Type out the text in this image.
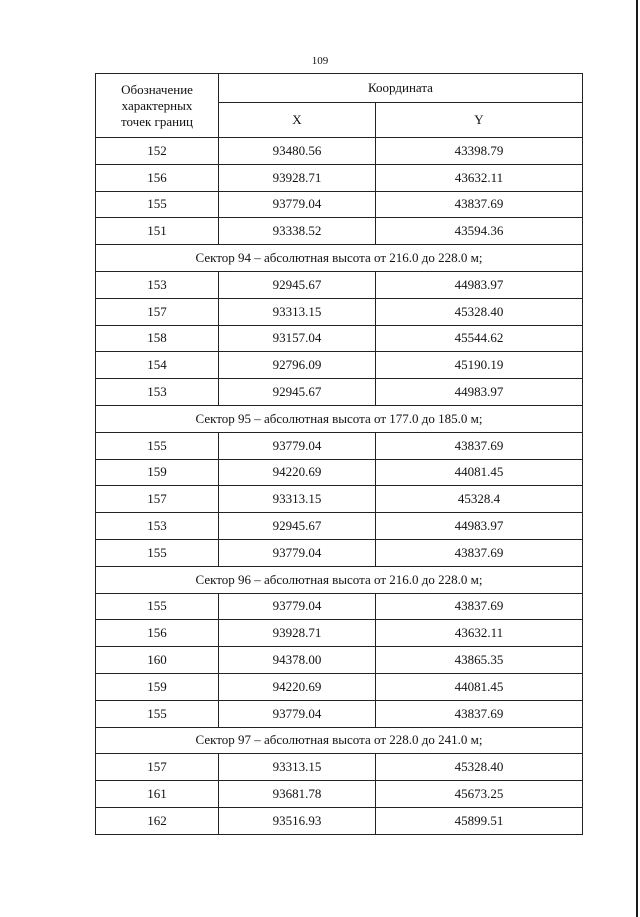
109
Обозначение
характерных
точек границ	Координата	
	X	Y
152	93480.56	43398.79
156	93928.71	43632.11
155	93779.04	43837.69
151	93338.52	43594.36
Сектор 94 – абсолютная высота от 216.0 до 228.0 м;		
153	92945.67	44983.97
157	93313.15	45328.40
158	93157.04	45544.62
154	92796.09	45190.19
153	92945.67	44983.97
Сектор 95 – абсолютная высота от 177.0 до 185.0 м;		
155	93779.04	43837.69
159	94220.69	44081.45
157	93313.15	45328.4
153	92945.67	44983.97
155	93779.04	43837.69
Сектор 96 – абсолютная высота от 216.0 до 228.0 м;		
155	93779.04	43837.69
156	93928.71	43632.11
160	94378.00	43865.35
159	94220.69	44081.45
155	93779.04	43837.69
Сектор 97 – абсолютная высота от 228.0 до 241.0 м;		
157	93313.15	45328.40
161	93681.78	45673.25
162	93516.93	45899.51
